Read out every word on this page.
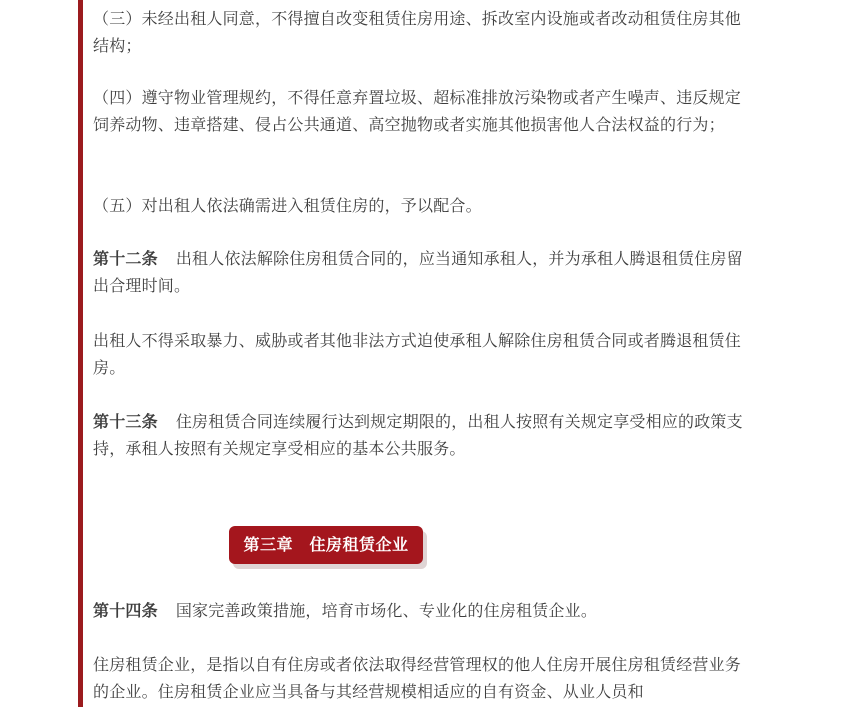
（三）未经出租人同意，不得擅自改变租赁住房用途、拆改室内设施或者改动租赁住房其他结构；

（四）遵守物业管理规约，不得任意弃置垃圾、超标准排放污染物或者产生噪声、违反规定饲养动物、违章搭建、侵占公共通道、高空抛物或者实施其他损害他人合法权益的行为；

（五）对出租人依法确需进入租赁住房的，予以配合。

第十二条 出租人依法解除住房租赁合同的，应当通知承租人，并为承租人腾退租赁住房留出合理时间。

出租人不得采取暴力、威胁或者其他非法方式迫使承租人解除住房租赁合同或者腾退租赁住房。

第十三条 住房租赁合同连续履行达到规定期限的，出租人按照有关规定享受相应的政策支持，承租人按照有关规定享受相应的基本公共服务。

第十四条 国家完善政策措施，培育市场化、专业化的住房租赁企业。

住房租赁企业，是指以自有住房或者依法取得经营管理权的他人住房开展住房租赁经营业务的企业。住房租赁企业应当具备与其经营规模相适应的自有资金、从业人员和

第三章　住房租赁企业
